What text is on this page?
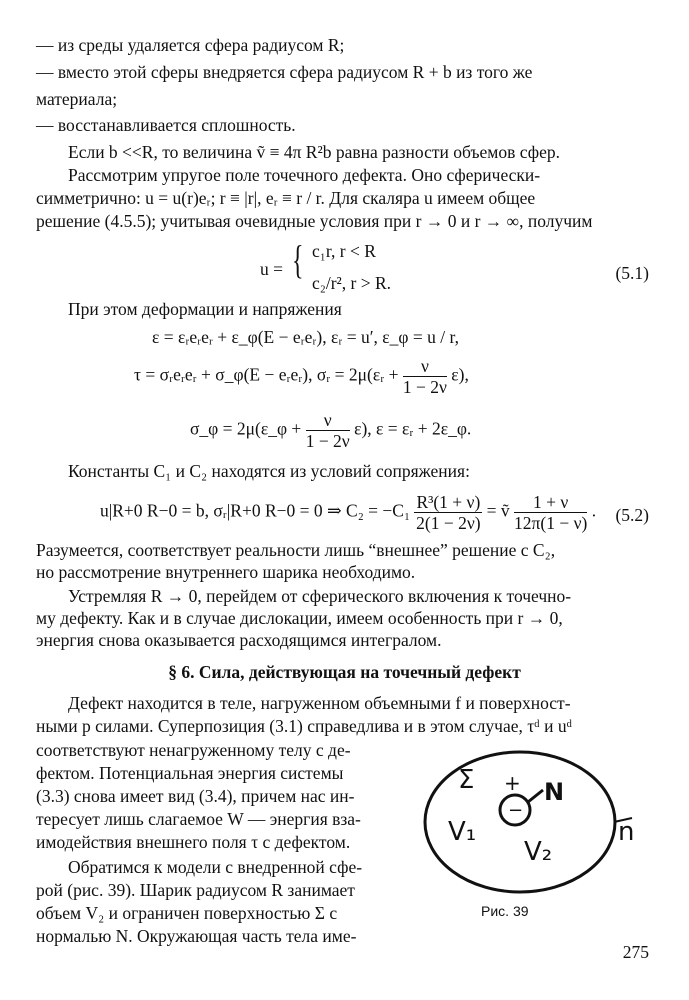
— из среды удаляется сфера радиусом R;
— вместо этой сферы внедряется сфера радиусом R + b из того же
материала;
— восстанавливается сплошность.
Если b <<R, то величина ṽ ≡ 4π R²b равна разности объемов сфер.
Рассмотрим упругое поле точечного дефекта. Оно сферически-
симметрично: u = u(r)eᵣ; r ≡ |r|, eᵣ ≡ r / r. Для скаляра u имеем общее
решение (4.5.5); учитывая очевидные условия при r → 0 и r → ∞, получим
u = { c₁r, r < R
c₂/r², r > R.	(5.1)
При этом деформации и напряжения
ε = εᵣeᵣeᵣ + ε_φ(E − eᵣeᵣ), εᵣ = u′, ε_φ = u / r,
τ = σᵣeᵣeᵣ + σ_φ(E − eᵣeᵣ), σᵣ = 2μ(εᵣ + $\frac{\nu}{1 - 2\nu} \varepsilon$),
σ_φ = 2μ(ε_φ + $\frac{\nu}{1 - 2\nu} \varepsilon$), ε = εᵣ + 2ε_φ.
Константы C₁ и C₂ находятся из условий сопряжения:
u|R+0 R−0 = b, σᵣ|R+0 R−0 = 0 ⇒ $C_2 = -C_1 \frac{\text{R³(1 + ν)}}{2(1 - 2\nu)}$ = ṽ $\frac{1 + \nu}{12\pi(1 - \nu)}$ . (5.2)
Разумеется, соответствует реальности лишь “внешнее” решение с C₂,
но рассмотрение внутреннего шарика необходимо.
Устремляя R → 0, перейдем от сферического включения к точечно-
му дефекту. Как и в случае дислокации, имеем особенность при r → 0,
энергия снова оказывается расходящимся интегралом.
§ 6. Сила, действующая на точечный дефект
Дефект находится в теле, нагруженном объемными f и поверхност-
ными p силами. Суперпозиция (3.1) справедлива и в этом случае, τᵈ и uᵈ
соответствуют ненагруженному телу с де-
фектом. Потенциальная энергия системы
(3.3) снова имеет вид (3.4), причем нас ин-
тересует лишь слагаемое W — энергия вза-
имодействия внешнего поля τ с дефектом.
Обратимся к модели с внедренной сфе-
рой (рис. 39). Шарик радиусом R занимает
объем V₂ и ограничен поверхностью Σ с
нормалью N. Окружающая часть тела име-
Σ +
−
N
V₁
V₂
n
Рис. 39
275
